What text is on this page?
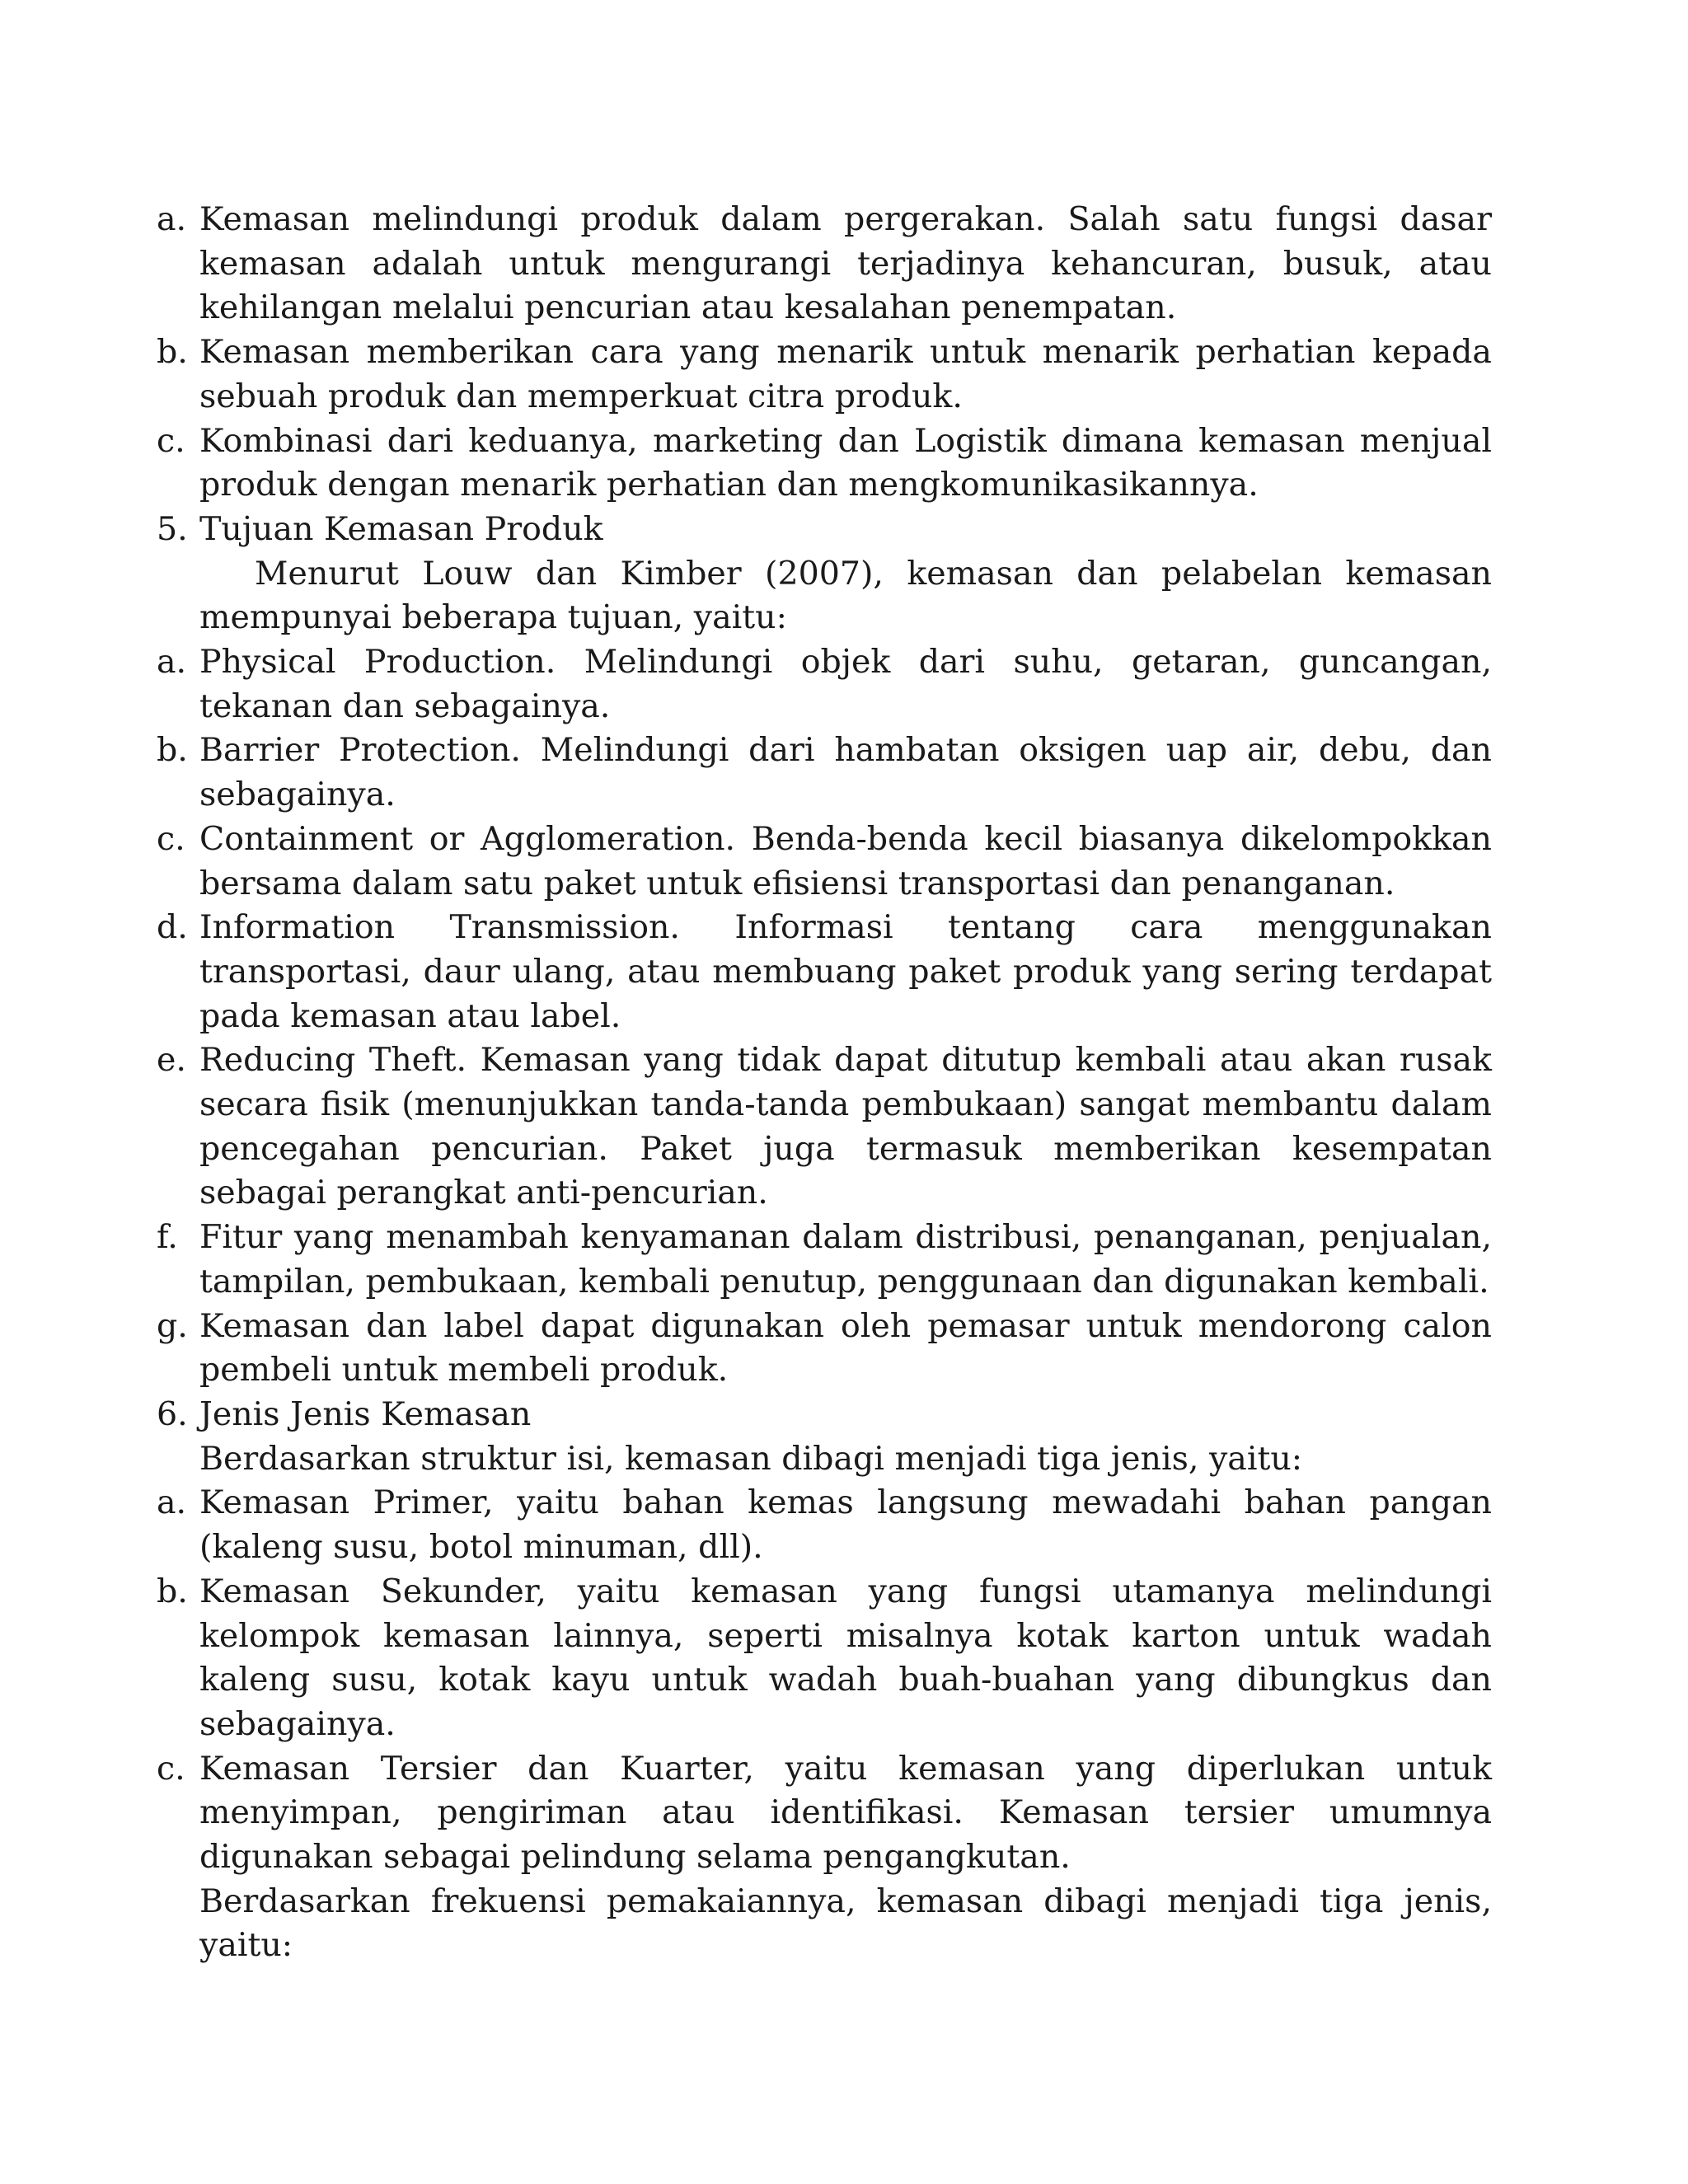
a. Kemasan melindungi produk dalam pergerakan. Salah satu fungsi dasar kemasan adalah untuk mengurangi terjadinya kehancuran, busuk, atau kehilangan melalui pencurian atau kesalahan penempatan.
b. Kemasan memberikan cara yang menarik untuk menarik perhatian kepada sebuah produk dan memperkuat citra produk.
c. Kombinasi dari keduanya, marketing dan Logistik dimana kemasan menjual produk dengan menarik perhatian dan mengkomunikasikannya.
5. Tujuan Kemasan Produk
Menurut Louw dan Kimber (2007), kemasan dan pelabelan kemasan mempunyai beberapa tujuan, yaitu:
a. Physical Production. Melindungi objek dari suhu, getaran, guncangan, tekanan dan sebagainya.
b. Barrier Protection. Melindungi dari hambatan oksigen uap air, debu, dan sebagainya.
c. Containment or Agglomeration. Benda-benda kecil biasanya dikelompokkan bersama dalam satu paket untuk efisiensi transportasi dan penanganan.
d. Information Transmission. Informasi tentang cara menggunakan transportasi, daur ulang, atau membuang paket produk yang sering terdapat pada kemasan atau label.
e. Reducing Theft. Kemasan yang tidak dapat ditutup kembali atau akan rusak secara fisik (menunjukkan tanda-tanda pembukaan) sangat membantu dalam pencegahan pencurian. Paket juga termasuk memberikan kesempatan sebagai perangkat anti-pencurian.
f. Fitur yang menambah kenyamanan dalam distribusi, penanganan, penjualan, tampilan, pembukaan, kembali penutup, penggunaan dan digunakan kembali.
g. Kemasan dan label dapat digunakan oleh pemasar untuk mendorong calon pembeli untuk membeli produk.
6. Jenis Jenis Kemasan
Berdasarkan struktur isi, kemasan dibagi menjadi tiga jenis, yaitu:
a. Kemasan Primer, yaitu bahan kemas langsung mewadahi bahan pangan (kaleng susu, botol minuman, dll).
b. Kemasan Sekunder, yaitu kemasan yang fungsi utamanya melindungi kelompok kemasan lainnya, seperti misalnya kotak karton untuk wadah kaleng susu, kotak kayu untuk wadah buah-buahan yang dibungkus dan sebagainya.
c. Kemasan Tersier dan Kuarter, yaitu kemasan yang diperlukan untuk menyimpan, pengiriman atau identifikasi. Kemasan tersier umumnya digunakan sebagai pelindung selama pengangkutan.
Berdasarkan frekuensi pemakaiannya, kemasan dibagi menjadi tiga jenis, yaitu:
